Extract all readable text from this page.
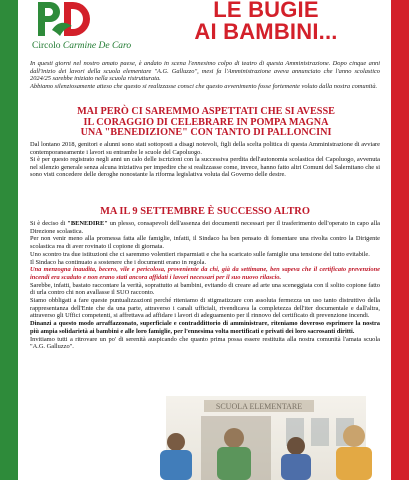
Circolo Carmine De Caro
LE BUGIE
AI BAMBINI...

In questi giorni nel nostro amato paese, è andato in scena l'ennesimo colpo di teatro di questa Amministrazione. Dopo cinque anni dall'inizio dei lavori della scuola elementare "A.G. Galluzzo", mesi fa l'Amministrazione aveva annunciato che l'anno scolastico 2024/25 sarebbe iniziato nella scuola ristrutturata.

Abbiamo silenziosamente atteso che questo si realizzasse consci che questo avvenimento fosse fortemente voluto dalla nostra comunità.

MAI PERÒ CI SAREMMO ASPETTATI CHE SI AVESSE
IL CORAGGIO DI CELEBRARE IN POMPA MAGNA
UNA "BENEDIZIONE" CON TANTO DI PALLONCINI

Dal lontano 2018, genitori e alunni sono stati sottoposti a disagi notevoli, figli della scelta politica di questa Amministrazione di avviare contemporaneamente i lavori su entrambe le scuole del Capoluogo.

Si è per questo registrato negli anni un calo delle iscrizioni con la successiva perdita dell'autonomia scolastica del Capoluogo, avvenuta nel silenzio generale senza alcuna iniziativa per impedire che si realizzasse come, invece, hanno fatto altri Comuni del Salernitano che si sono visti concedere delle deroghe nonostante la riforma legislativa voluta dal Governo delle destre.

MA IL 9 SETTEMBRE È SUCCESSO ALTRO

Si è deciso di "BENEDIRE" un plesso, consapevoli dell'assenza dei documenti necessari per il trasferimento dell'operato in capo alla Direzione scolastica.

Per non venir meno alla promessa fatta alle famiglie, infatti, il Sindaco ha ben pensato di fomentare una rivolta contro la Dirigente scolastica rea di aver rovinato il copione di giornata.

Uno scontro tra due istituzioni che ci saremmo volentieri risparmiati e che ha scaricato sulle famiglie una tensione del tutto evitabile.

Il Sindaco ha continuato a sostenere che i documenti erano in regola.

Una menzogna inaudita, becero, vile e pericolosa, proveniente da chi, già da settimane, ben sapeva che il certificato prevenzione incendi era scaduto e non erano stati ancora affidati i lavori necessari per il suo nuovo rilascio.

Sarebbe, infatti, bastato raccontare la verità, soprattutto ai bambini, evitando di creare ad arte una sceneggiata con il solito copione fatto di urla contro chi non avallasse il SUO racconto.

Siamo obbligati a fare queste puntualizzazioni perché riteniamo di stigmatizzare con assoluta fermezza un uso tanto distruttivo della rappresentanza dell'Ente che da una parte, attraverso i canali ufficiali, rivendicava la completezza dell'iter documentale e dall'altra, attraverso gli Uffici competenti, si affrettava ad affidare i lavori di adeguamento per il rinnovo del certificato di prevenzione incendi.

Dinanzi a questo modo arraffazzonato, superficiale e contraddittorio di amministrare, riteniamo doveroso esprimere la nostra più ampia solidarietà ai bambini e alle loro famiglie, per l'ennesima volta mortificati e privati dei loro sacrosanti diritti.

Invitiamo tutti a ritrovare un po' di serenità auspicando che quanto prima possa essere restituita alla nostra comunità l'amata scuola "A.G. Galluzzo".

SCUOLA ELEMENTARE
